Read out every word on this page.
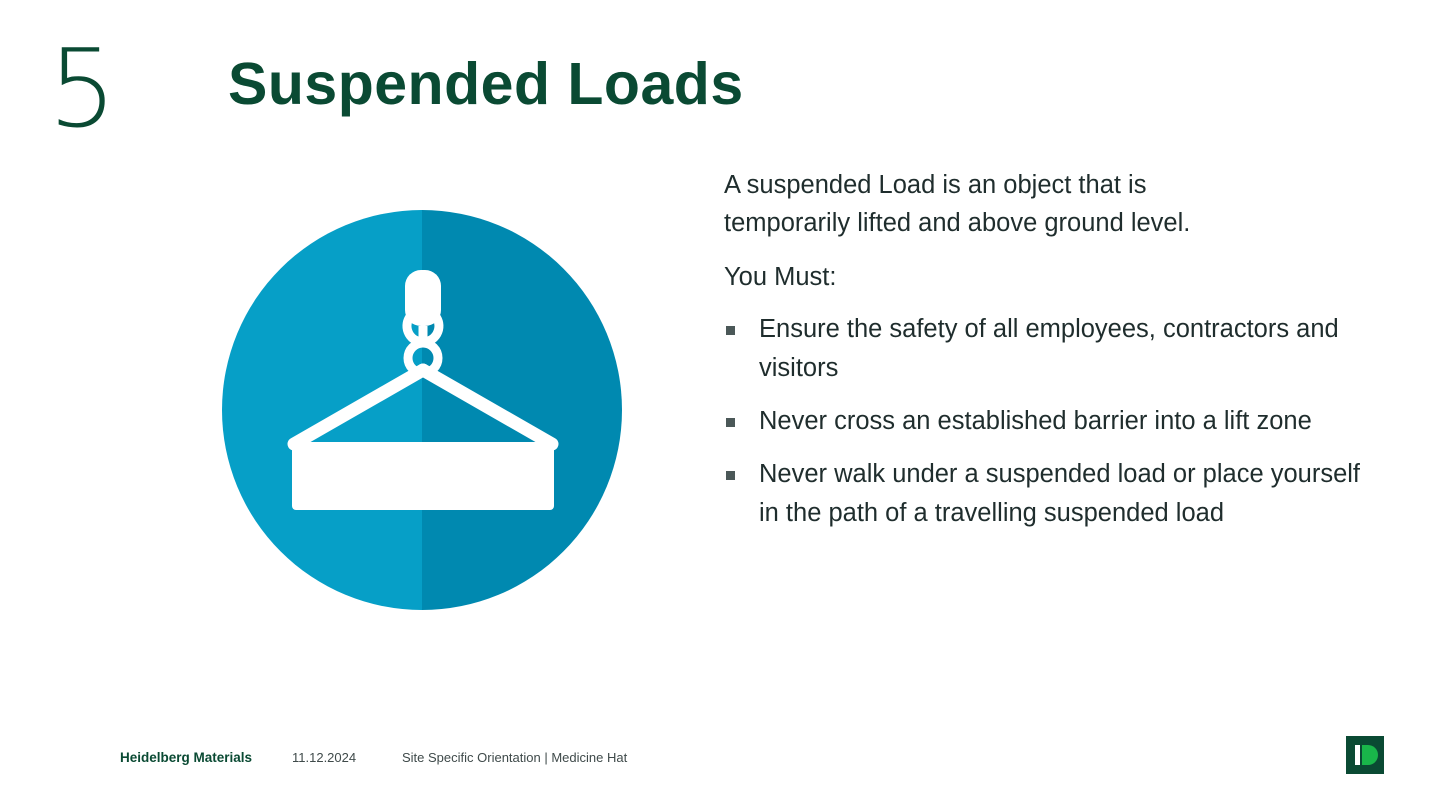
5 Suspended Loads

A suspended Load is an object that is temporarily lifted and above ground level.

You Must:

Ensure the safety of all employees, contractors and visitors
Never cross an established barrier into a lift zone
Never walk under a suspended load or place yourself in the path of a travelling suspended load
Heidelberg Materials	11.12.2024	Site Specific Orientation | Medicine Hat
